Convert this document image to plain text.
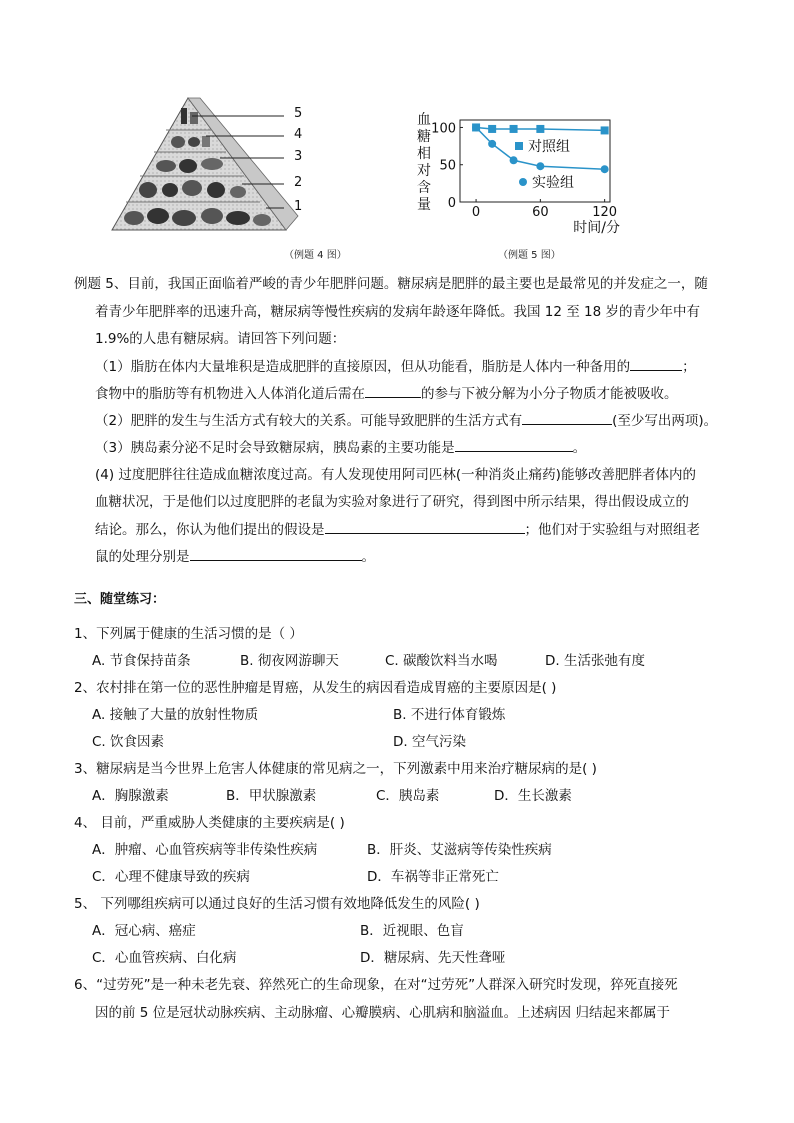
5
4
3
2
1
（例题 4 图）
血
糖
相
对
含
量 0
50
100
0	60	120
时间/分
对照组
实验组
（例题 5 图）
例题 5、目前，我国正面临着严峻的青少年肥胖问题。糖尿病是肥胖的最主要也是最常见的并发症之一，随
着青少年肥胖率的迅速升高，糖尿病等慢性疾病的发病年龄逐年降低。我国 12 至 18 岁的青少年中有
1.9%的人患有糖尿病。请回答下列问题：
（1）脂肪在体内大量堆积是造成肥胖的直接原因，但从功能看，脂肪是人体内一种备用的	；
食物中的脂肪等有机物进入人体消化道后需在	的参与下被分解为小分子物质才能被吸收。
（2）肥胖的发生与生活方式有较大的关系。可能导致肥胖的生活方式有	(至少写出两项)。
（3）胰岛素分泌不足时会导致糖尿病，胰岛素的主要功能是	。
(4) 过度肥胖往往造成血糖浓度过高。有人发现使用阿司匹林(一种消炎止痛药)能够改善肥胖者体内的
血糖状况，于是他们以过度肥胖的老鼠为实验对象进行了研究，得到图中所示结果，得出假设成立的
结论。那么，你认为他们提出的假设是	；他们对于实验组与对照组老
鼠的处理分别是	。
三、随堂练习：
1、下列属于健康的生活习惯的是（ ）
A. 节食保持苗条	B. 彻夜网游聊天	C. 碳酸饮料当水喝	D. 生活张弛有度
2、农村排在第一位的恶性肿瘤是胃癌，从发生的病因看造成胃癌的主要原因是( )
A. 接触了大量的放射性物质	B. 不进行体育锻炼
C. 饮食因素	D. 空气污染
3、糖尿病是当今世界上危害人体健康的常见病之一，下列激素中用来治疗糖尿病的是( )
A．胸腺激素	B．甲状腺激素	C．胰岛素	D．生长激素
4、 目前，严重威胁人类健康的主要疾病是( )
A．肿瘤、心血管疾病等非传染性疾病	B．肝炎、艾滋病等传染性疾病
C．心理不健康导致的疾病	D．车祸等非正常死亡
5、 下列哪组疾病可以通过良好的生活习惯有效地降低发生的风险( )
A．冠心病、癌症	B．近视眼、色盲
C．心血管疾病、白化病	D．糖尿病、先天性聋哑
6、“过劳死”是一种未老先衰、猝然死亡的生命现象，在对“过劳死”人群深入研究时发现，猝死直接死
因的前 5 位是冠状动脉疾病、主动脉瘤、心瓣膜病、心肌病和脑溢血。上述病因 归结起来都属于
